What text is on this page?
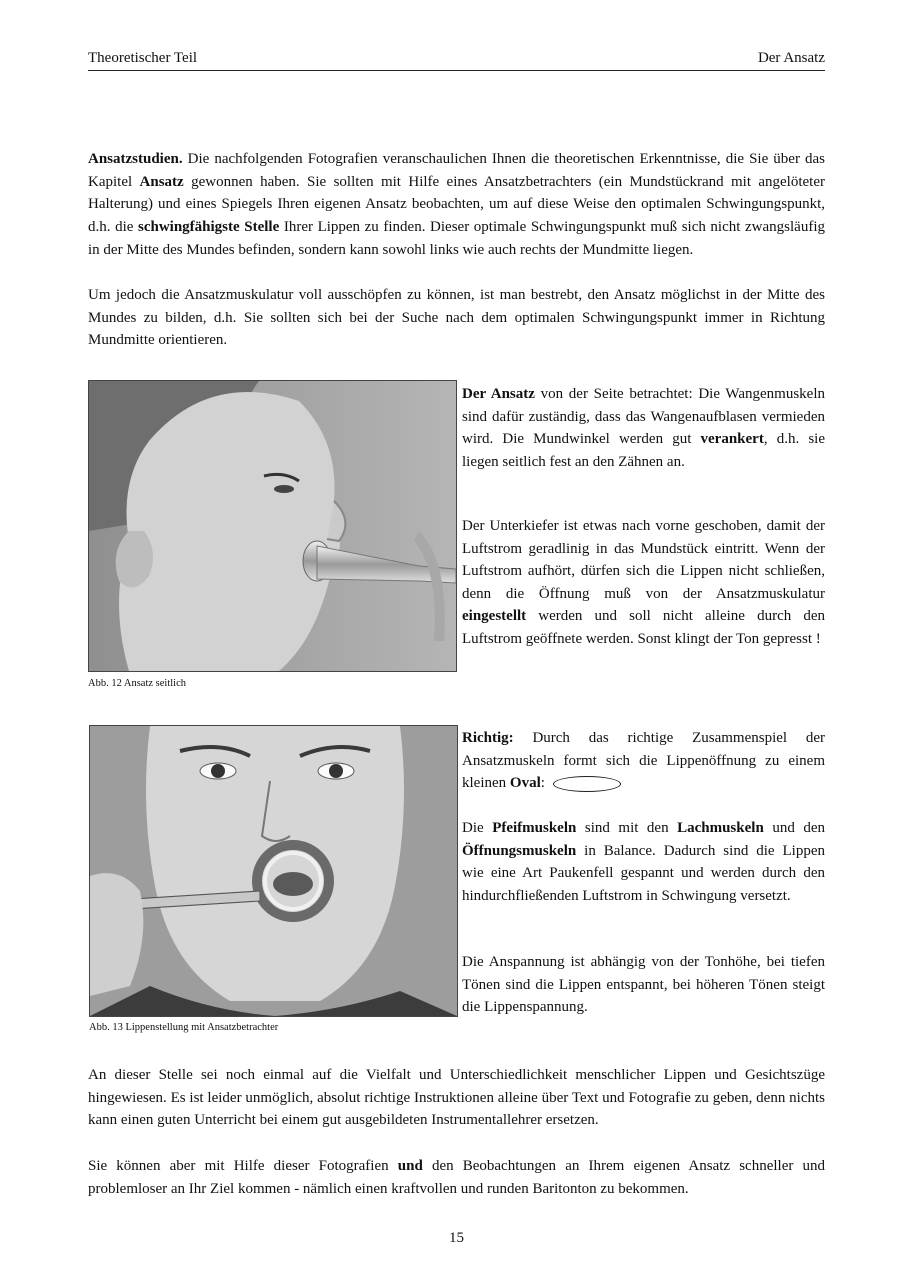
Theoretischer Teil	Der Ansatz

Ansatzstudien. Die nachfolgenden Fotografien veranschaulichen Ihnen die theoretischen Erkenntnisse, die Sie über das Kapitel Ansatz gewonnen haben. Sie sollten mit Hilfe eines Ansatzbetrachters (ein Mundstückrand mit angelöteter Halterung) und eines Spiegels Ihren eigenen Ansatz beobachten, um auf diese Weise den optimalen Schwingungspunkt, d.h. die schwingfähigste Stelle Ihrer Lippen zu finden. Dieser optimale Schwingungspunkt muß sich nicht zwangsläufig in der Mitte des Mundes befinden, sondern kann sowohl links wie auch rechts der Mundmitte liegen.

Um jedoch die Ansatzmuskulatur voll ausschöpfen zu können, ist man bestrebt, den Ansatz möglichst in der Mitte des Mundes zu bilden, d.h. Sie sollten sich bei der Suche nach dem optimalen Schwingungspunkt immer in Richtung Mundmitte orientieren.

Abb. 12 Ansatz seitlich

Der Ansatz von der Seite betrachtet: Die Wangenmuskeln sind dafür zuständig, dass das Wangenaufblasen vermieden wird. Die Mundwinkel werden gut verankert, d.h. sie liegen seitlich fest an den Zähnen an.

Der Unterkiefer ist etwas nach vorne geschoben, damit der Luftstrom geradlinig in das Mundstück eintritt. Wenn der Luftstrom aufhört, dürfen sich die Lippen nicht schließen, denn die Öffnung muß von der Ansatzmuskulatur eingestellt werden und soll nicht alleine durch den Luftstrom geöffnete werden. Sonst klingt der Ton gepresst !

Abb. 13 Lippenstellung mit Ansatzbetrachter

Richtig: Durch das richtige Zusammenspiel der Ansatzmuskeln formt sich die Lippenöffnung zu einem kleinen Oval:

Die Pfeifmuskeln sind mit den Lachmuskeln und den Öffnungsmuskeln in Balance. Dadurch sind die Lippen wie eine Art Paukenfell gespannt und werden durch den hindurchfließenden Luftstrom in Schwingung versetzt.

Die Anspannung ist abhängig von der Tonhöhe, bei tiefen Tönen sind die Lippen entspannt, bei höheren Tönen steigt die Lippenspannung.

An dieser Stelle sei noch einmal auf die Vielfalt und Unterschiedlichkeit menschlicher Lippen und Gesichtszüge hingewiesen. Es ist leider unmöglich, absolut richtige Instruktionen alleine über Text und Fotografie zu geben, denn nichts kann einen guten Unterricht bei einem gut ausgebildeten Instrumentallehrer ersetzen.

Sie können aber mit Hilfe dieser Fotografien und den Beobachtungen an Ihrem eigenen Ansatz schneller und problemloser an Ihr Ziel kommen - nämlich einen kraftvollen und runden Baritonton zu bekommen.

15
